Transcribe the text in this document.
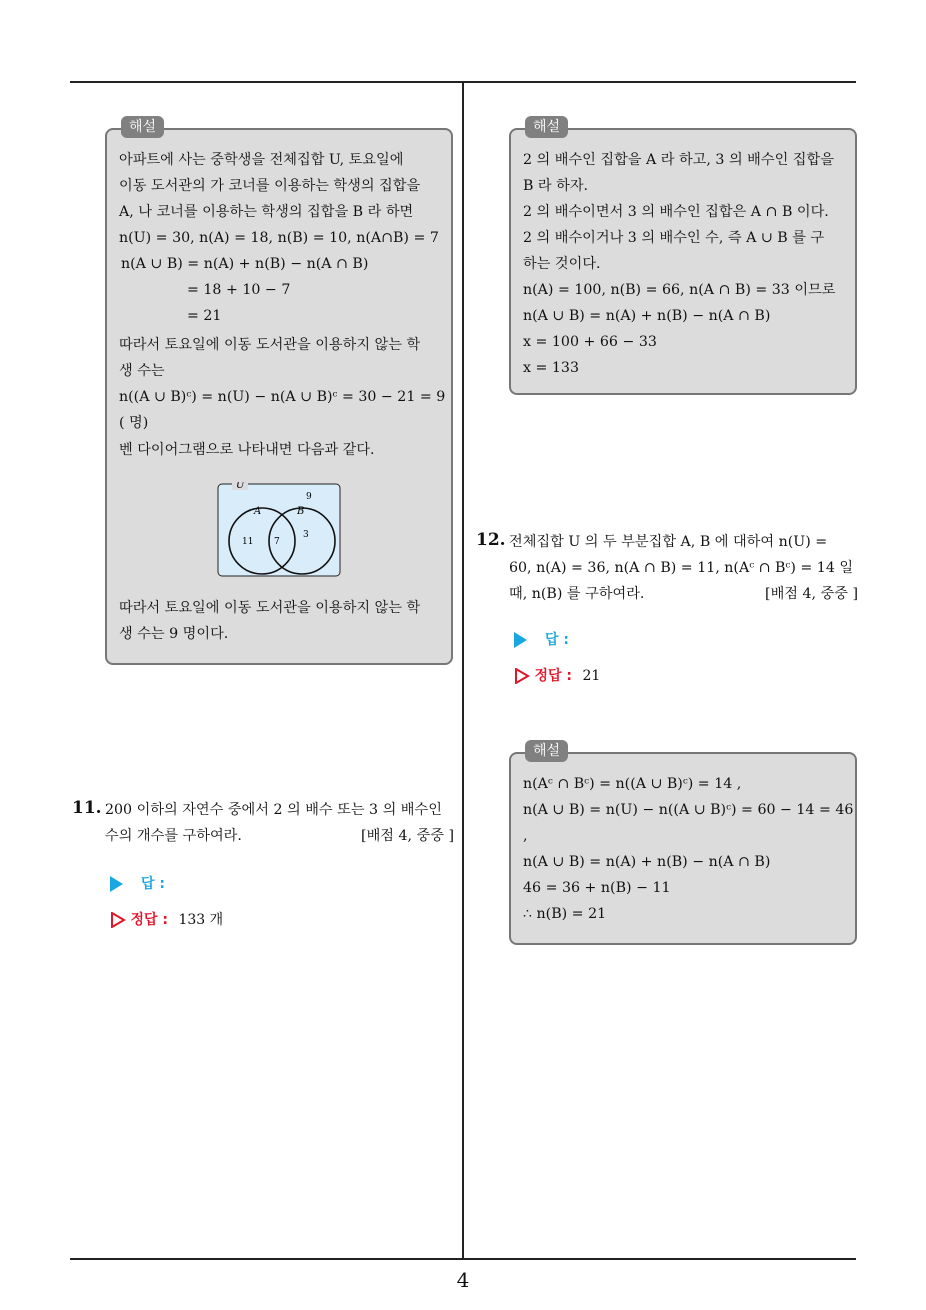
4
해설
아파트에 사는 중학생을 전체집합 U, 토요일에
이동 도서관의 가 코너를 이용하는 학생의 집합을
A, 나 코너를 이용하는 학생의 집합을 B 라 하면
n(U) = 30, n(A) = 18, n(B) = 10, n(A∩B) = 7
n(A ∪ B) = n(A) + n(B) − n(A ∩ B)
= 18 + 10 − 7
= 21
따라서 토요일에 이동 도서관을 이용하지 않는 학
생 수는
n((A ∪ B)ᶜ) = n(U) − n(A ∪ B)ᶜ = 30 − 21 = 9
( 명)
벤 다이어그램으로 나타내면 다음과 같다.
U
A	B
9
11 7
3
따라서 토요일에 이동 도서관을 이용하지 않는 학
생 수는 9 명이다.
11. 200 이하의 자연수 중에서 2 의 배수 또는 3 의 배수인
수의 개수를 구하여라.	[배점 4, 중중 ]
답 :
정답 : 133 개
해설
2 의 배수인 집합을 A 라 하고, 3 의 배수인 집합을
B 라 하자.
2 의 배수이면서 3 의 배수인 집합은 A ∩ B 이다.
2 의 배수이거나 3 의 배수인 수, 즉 A ∪ B 를 구
하는 것이다.
n(A) = 100, n(B) = 66, n(A ∩ B) = 33 이므로
n(A ∪ B) = n(A) + n(B) − n(A ∩ B)
x = 100 + 66 − 33
x = 133
12. 전체집합 U 의 두 부분집합 A, B 에 대하여 n(U) =
60, n(A) = 36, n(A ∩ B) = 11, n(Aᶜ ∩ Bᶜ) = 14 일
때, n(B) 를 구하여라.	[배점 4, 중중 ]
답 :
정답 : 21
해설
n(Aᶜ ∩ Bᶜ) = n((A ∪ B)ᶜ) = 14 ,
n(A ∪ B) = n(U) − n((A ∪ B)ᶜ) = 60 − 14 = 46
,
n(A ∪ B) = n(A) + n(B) − n(A ∩ B)
46 = 36 + n(B) − 11
∴ n(B) = 21
